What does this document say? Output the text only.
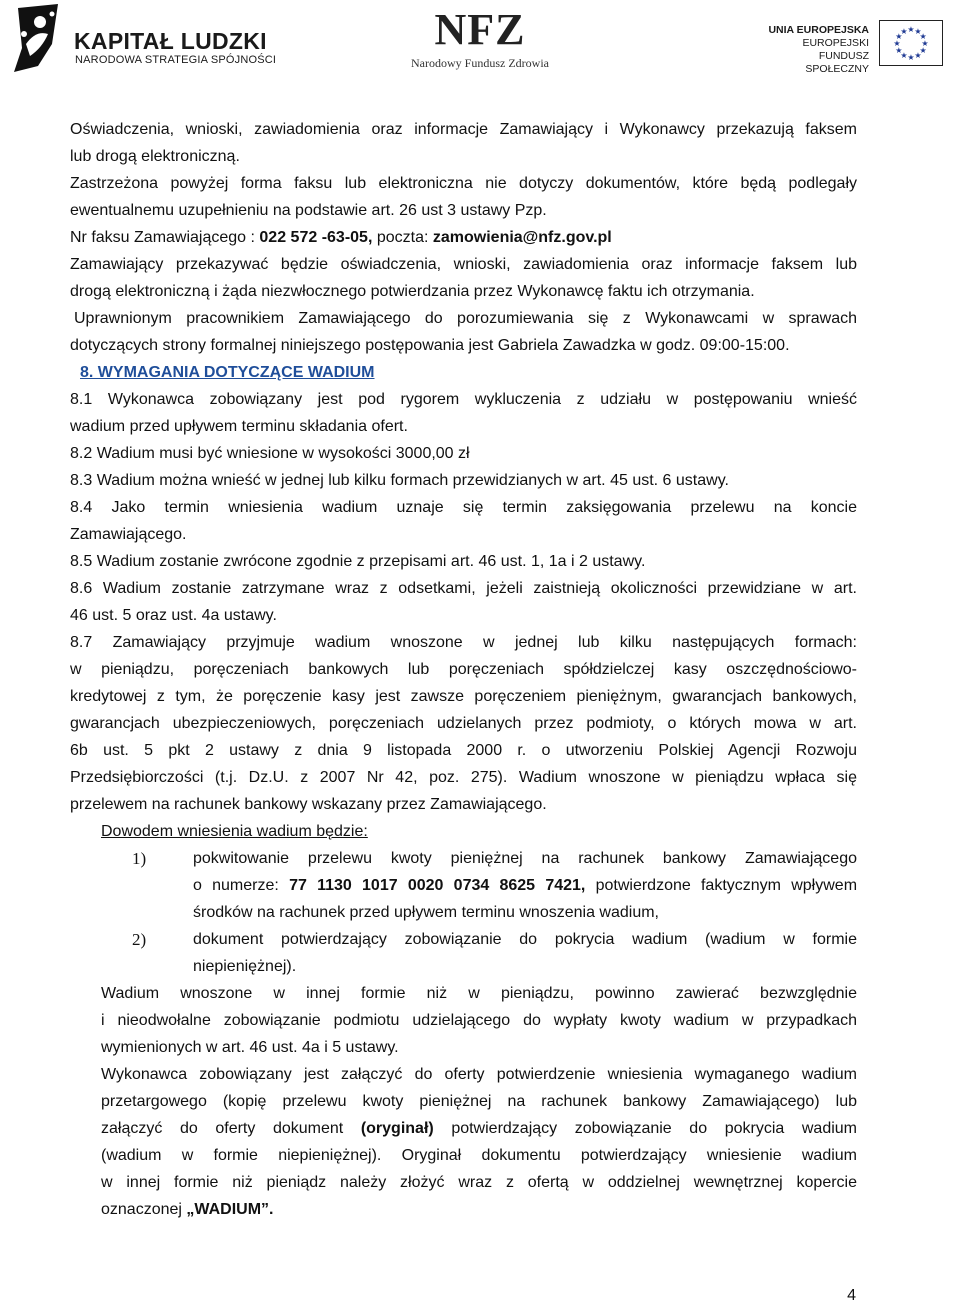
KAPITAŁ LUDZKI
NARODOWA STRATEGIA SPÓJNOŚCI
NFZ
Narodowy Fundusz Zdrowia
UNIA EUROPEJSKA
EUROPEJSKI
FUNDUSZ SPOŁECZNY
★ ★
★
★
★
★
★
★
★
★
★
★

Oświadczenia, wnioski, zawiadomienia oraz informacje Zamawiający i Wykonawcy przekazują faksem

lub drogą elektroniczną.

Zastrzeżona powyżej forma faksu lub elektroniczna nie dotyczy dokumentów, które będą podlegały

ewentualnemu uzupełnieniu na podstawie art. 26 ust 3 ustawy Pzp.

Nr faksu Zamawiającego : 022 572 -63-05, poczta: zamowienia@nfz.gov.pl

Zamawiający przekazywać będzie oświadczenia, wnioski, zawiadomienia oraz informacje faksem lub

drogą elektroniczną i żąda niezwłocznego potwierdzania przez Wykonawcę faktu ich otrzymania.

Uprawnionym pracownikiem Zamawiającego do porozumiewania się z Wykonawcami w sprawach

dotyczących strony formalnej niniejszego postępowania jest Gabriela Zawadzka w godz. 09:00-15:00.

8. WYMAGANIA DOTYCZĄCE WADIUM

8.1 Wykonawca zobowiązany jest pod rygorem wykluczenia z udziału w postępowaniu wnieść

wadium przed upływem terminu składania ofert.

8.2 Wadium musi być wniesione w wysokości 3000,00 zł

8.3 Wadium można wnieść w jednej lub kilku formach przewidzianych w art. 45 ust. 6 ustawy.

8.4 Jako termin wniesienia wadium uznaje się termin zaksięgowania przelewu na koncie

Zamawiającego.

8.5 Wadium zostanie zwrócone zgodnie z przepisami art. 46 ust. 1, 1a i 2 ustawy.

8.6 Wadium zostanie zatrzymane wraz z odsetkami, jeżeli zaistnieją okoliczności przewidziane w art.

46 ust. 5 oraz ust. 4a ustawy.

8.7 Zamawiający przyjmuje wadium wnoszone w jednej lub kilku następujących formach:

w pieniądzu, poręczeniach bankowych lub poręczeniach spółdzielczej kasy oszczędnościowo-

kredytowej z tym, że poręczenie kasy jest zawsze poręczeniem pieniężnym, gwarancjach bankowych,

gwarancjach ubezpieczeniowych, poręczeniach udzielanych przez podmioty, o których mowa w art.

6b ust. 5 pkt 2 ustawy z dnia 9 listopada 2000 r. o utworzeniu Polskiej Agencji Rozwoju

Przedsiębiorczości (t.j. Dz.U. z 2007 Nr 42, poz. 275). Wadium wnoszone w pieniądzu wpłaca się

przelewem na rachunek bankowy wskazany przez Zamawiającego.

Dowodem wniesienia wadium będzie:

1)	pokwitowanie przelewu kwoty pieniężnej na rachunek bankowy Zamawiającego

o numerze: 77 1130 1017 0020 0734 8625 7421, potwierdzone faktycznym wpływem

środków na rachunek przed upływem terminu wnoszenia wadium,

2)	dokument potwierdzający zobowiązanie do pokrycia wadium (wadium w formie

niepieniężnej).

Wadium wnoszone w innej formie niż w pieniądzu, powinno zawierać bezwzględnie

i nieodwołalne zobowiązanie podmiotu udzielającego do wypłaty kwoty wadium w przypadkach

wymienionych w art. 46 ust. 4a i 5 ustawy.

Wykonawca zobowiązany jest załączyć do oferty potwierdzenie wniesienia wymaganego wadium

przetargowego (kopię przelewu kwoty pieniężnej na rachunek bankowy Zamawiającego) lub

załączyć do oferty dokument (oryginał) potwierdzający zobowiązanie do pokrycia wadium

(wadium w formie niepieniężnej). Oryginał dokumentu potwierdzający wniesienie wadium

w innej formie niż pieniądz należy złożyć wraz z ofertą w oddzielnej wewnętrznej kopercie

oznaczonej „WADIUM”.

4
